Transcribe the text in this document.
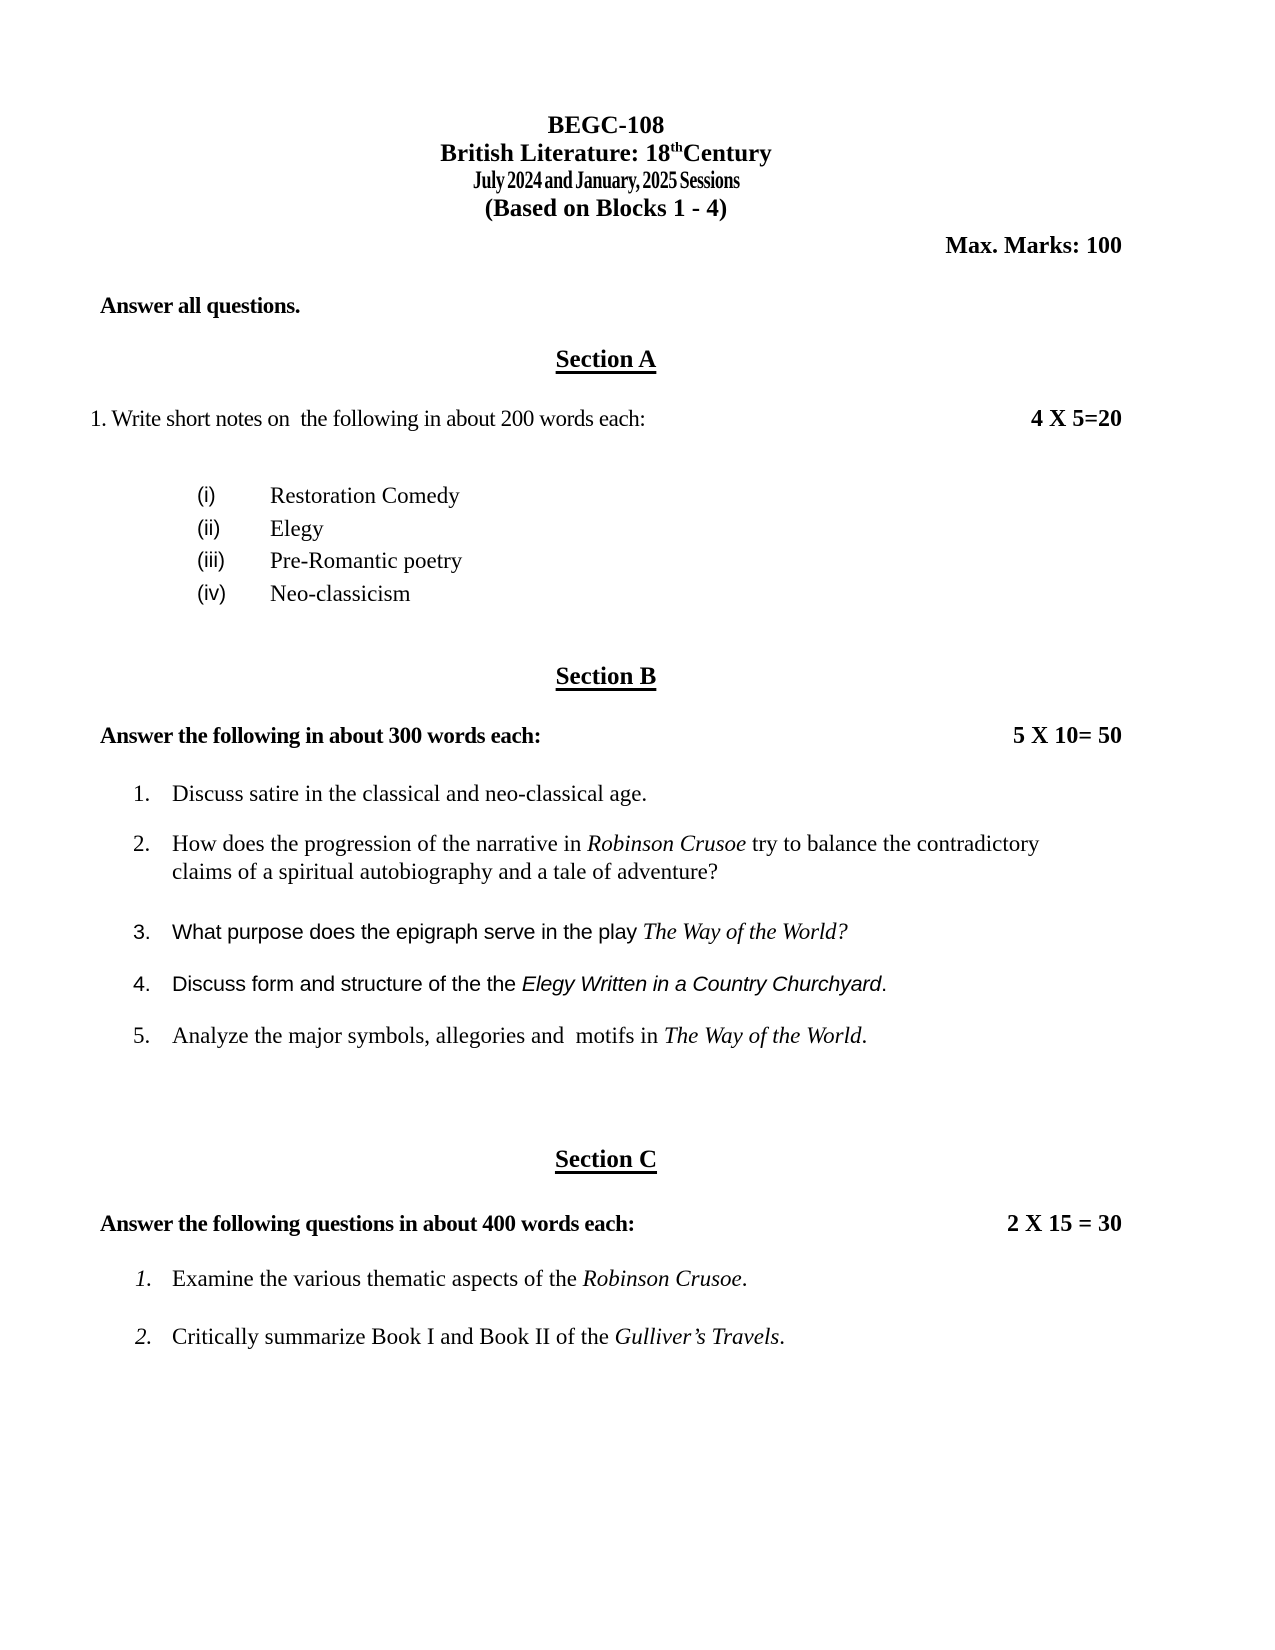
BEGC-108
British Literature: 18thCentury
July 2024 and January, 2025 Sessions
(Based on Blocks 1 - 4)
Max. Marks: 100
Answer all questions.
Section A
1. Write short notes on  the following in about 200 words each:	4 X 5=20
(i)	Restoration Comedy
(ii)	Elegy
(iii)	Pre-Romantic poetry
(iv)	Neo-classicism
Section B
Answer the following in about 300 words each:	5 X 10= 50
1. Discuss satire in the classical and neo-classical age.
2. How does the progression of the narrative in Robinson Crusoe try to balance the contradictory claims of a spiritual autobiography and a tale of adventure?
3. What purpose does the epigraph serve in the play The Way of the World?
4. Discuss form and structure of the the Elegy Written in a Country Churchyard.
5. Analyze the major symbols, allegories and  motifs in The Way of the World.
Section C
Answer the following questions in about 400 words each:	2 X 15 = 30
1. Examine the various thematic aspects of the Robinson Crusoe.
2. Critically summarize Book I and Book II of the Gulliver’s Travels.
